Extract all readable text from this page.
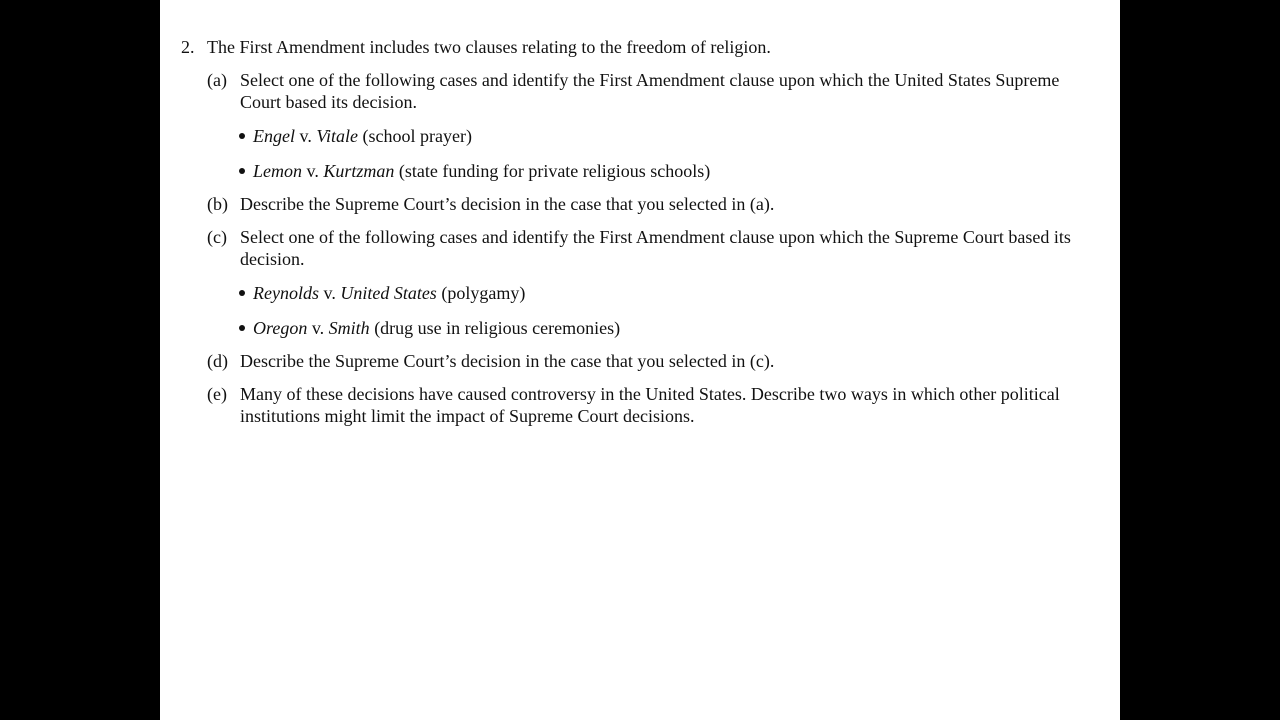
2. The First Amendment includes two clauses relating to the freedom of religion.
(a) Select one of the following cases and identify the First Amendment clause upon which the United States Supreme Court based its decision.
Engel v. Vitale (school prayer)
Lemon v. Kurtzman (state funding for private religious schools)
(b) Describe the Supreme Court’s decision in the case that you selected in (a).
(c) Select one of the following cases and identify the First Amendment clause upon which the Supreme Court based its decision.
Reynolds v. United States (polygamy)
Oregon v. Smith (drug use in religious ceremonies)
(d) Describe the Supreme Court’s decision in the case that you selected in (c).
(e) Many of these decisions have caused controversy in the United States. Describe two ways in which other political institutions might limit the impact of Supreme Court decisions.
